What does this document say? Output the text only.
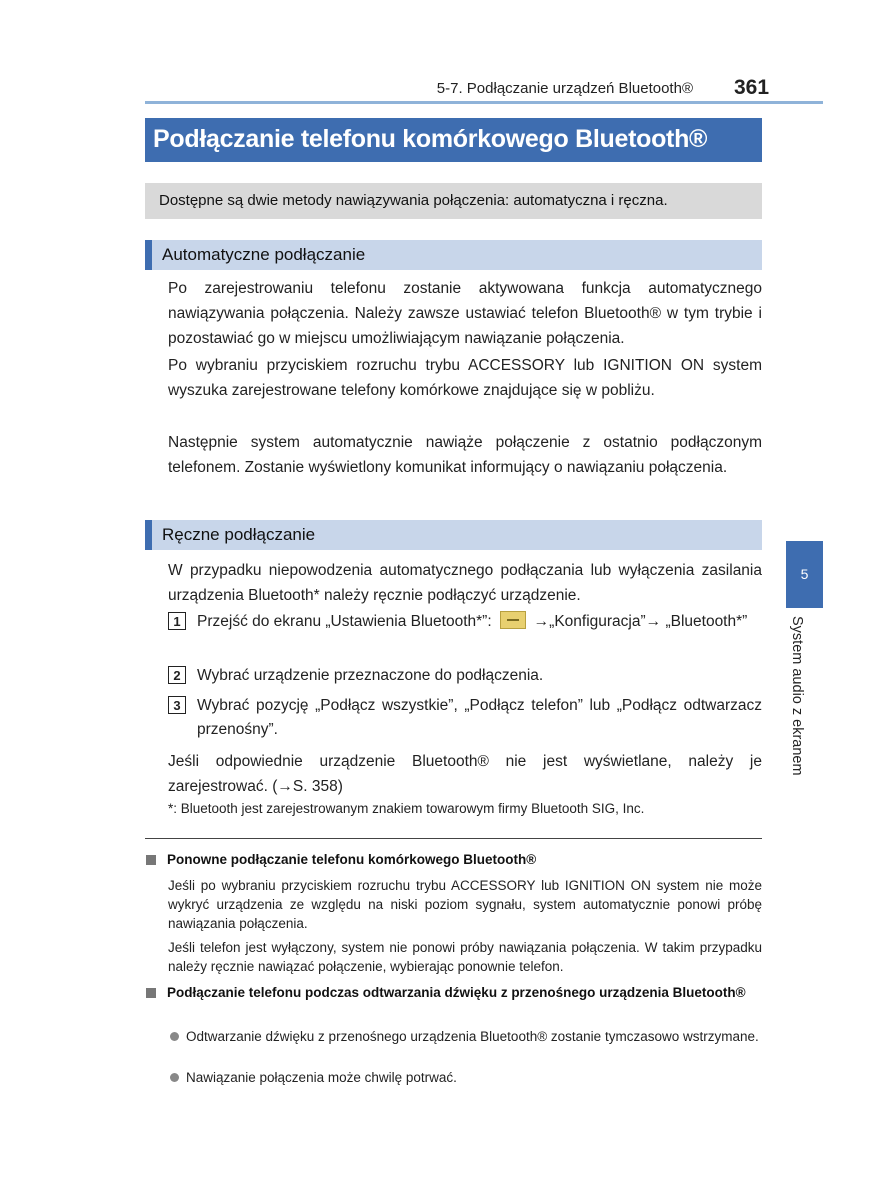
5-7. Podłączanie urządzeń Bluetooth® 361
Podłączanie telefonu komórkowego Bluetooth®
Dostępne są dwie metody nawiązywania połączenia: automatyczna i ręczna.
Automatyczne podłączanie

Po zarejestrowaniu telefonu zostanie aktywowana funkcja automatycznego nawiązywania połączenia. Należy zawsze ustawiać telefon Bluetooth® w tym trybie i pozostawiać go w miejscu umożliwiającym nawiązanie połączenia.

Po wybraniu przyciskiem rozruchu trybu ACCESSORY lub IGNITION ON system wyszuka zarejestrowane telefony komórkowe znajdujące się w pobliżu.

Następnie system automatycznie nawiąże połączenie z ostatnio podłączonym telefonem. Zostanie wyświetlony komunikat informujący o nawiązaniu połączenia.

Ręczne podłączanie

W przypadku niepowodzenia automatycznego podłączania lub wyłączenia zasilania urządzenia Bluetooth* należy ręcznie podłączyć urządzenie.

1	Przejść do ekranu „Ustawienia Bluetooth*”:	→„Konfiguracja”→ „Bluetooth*”
2	Wybrać urządzenie przeznaczone do podłączenia.
3	Wybrać pozycję „Podłącz wszystkie”, „Podłącz telefon” lub „Podłącz odtwarzacz przenośny”.

Jeśli odpowiednie urządzenie Bluetooth® nie jest wyświetlane, należy je zarejestrować. (→S. 358)

*: Bluetooth jest zarejestrowanym znakiem towarowym firmy Bluetooth SIG, Inc.
Ponowne podłączanie telefonu komórkowego Bluetooth®

Jeśli po wybraniu przyciskiem rozruchu trybu ACCESSORY lub IGNITION ON system nie może wykryć urządzenia ze względu na niski poziom sygnału, system automatycznie ponowi próbę nawiązania połączenia.

Jeśli telefon jest wyłączony, system nie ponowi próby nawiązania połączenia. W takim przypadku należy ręcznie nawiązać połączenie, wybierając ponownie telefon.

Podłączanie telefonu podczas odtwarzania dźwięku z przenośnego urządzenia Bluetooth®
Odtwarzanie dźwięku z przenośnego urządzenia Bluetooth® zostanie tymczasowo wstrzymane.
Nawiązanie połączenia może chwilę potrwać.
5
System audio z ekranem
